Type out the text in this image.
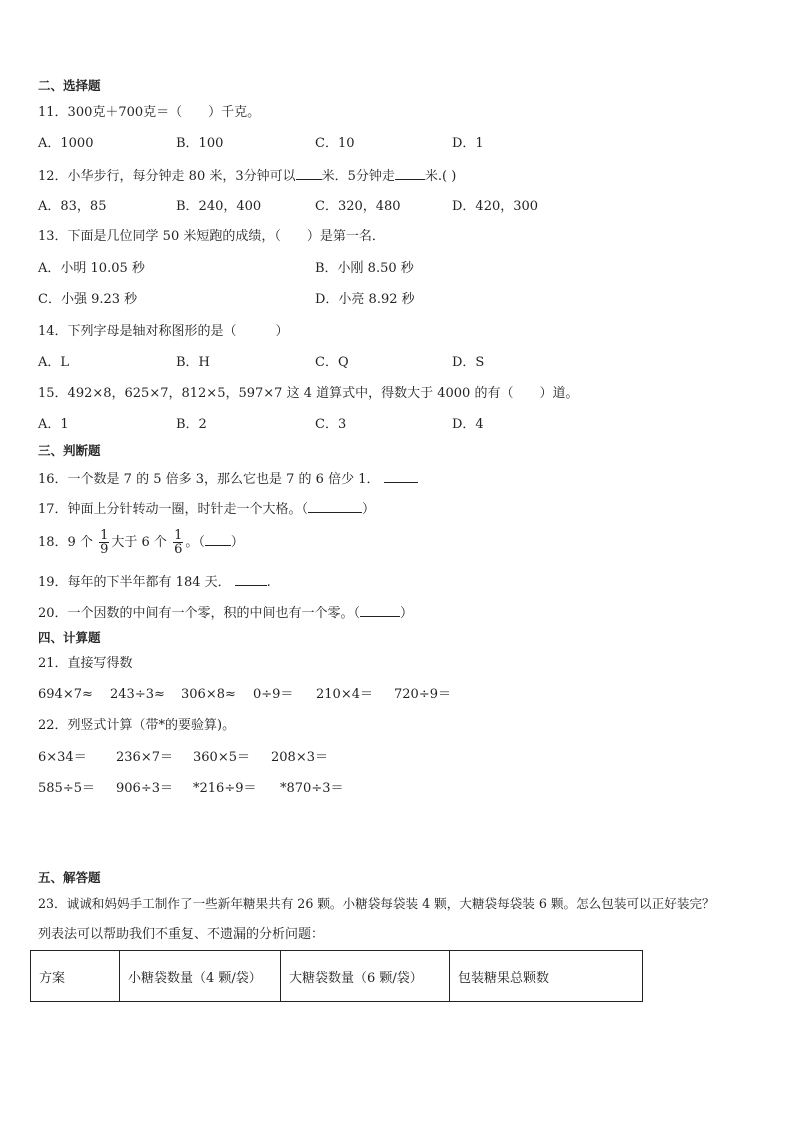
二、选择题
11．300克＋700克＝（　　）千克。
A．1000	B．100	C．10	D．1
12．小华步行，每分钟走 80 米，3分钟可以 米．5分钟走 米.( )
A．83，85	B．240，400	C．320，480	D．420，300
13．下面是几位同学 50 米短跑的成绩，（　　）是第一名．
A．小明 10.05 秒	B．小刚 8.50 秒
C．小强 9.23 秒	D．小亮 8.92 秒
14．下列字母是轴对称图形的是（　　　）
A．L	B．H	C．Q	D．S
15．492×8，625×7，812×5，597×7 这 4 道算式中，得数大于 4000 的有（　　）道。
A．1	B．2	C．3	D．4
三、判断题
16．一个数是 7 的 5 倍多 3，那么它也是 7 的 6 倍少 1．
17．钟面上分针转动一圈，时针走一个大格。（	）
18．9 个 $\frac{1}{9}$ 大于 6 个 $\frac{1}{6}$ 。（ ）
19．每年的下半年都有 184 天．	.
20．一个因数的中间有一个零，积的中间也有一个零。（	）
四、计算题
21．直接写得数
694×7≈ 243÷3≈ 306×8≈ 0÷9＝ 210×4＝ 720÷9＝
22．列竖式计算（带*的要验算)。
6×34＝ 236×7＝ 360×5＝ 208×3＝
585÷5＝ 906÷3＝ *216÷9＝ *870÷3＝
五、解答题
23．诚诚和妈妈手工制作了一些新年糖果共有 26 颗。小糖袋每袋装 4 颗，大糖袋每袋装 6 颗。怎么包装可以正好装完？
列表法可以帮助我们不重复、不遗漏的分析问题：
方案	小糖袋数量（4 颗/袋）	大糖袋数量（6 颗/袋）	包装糖果总颗数
